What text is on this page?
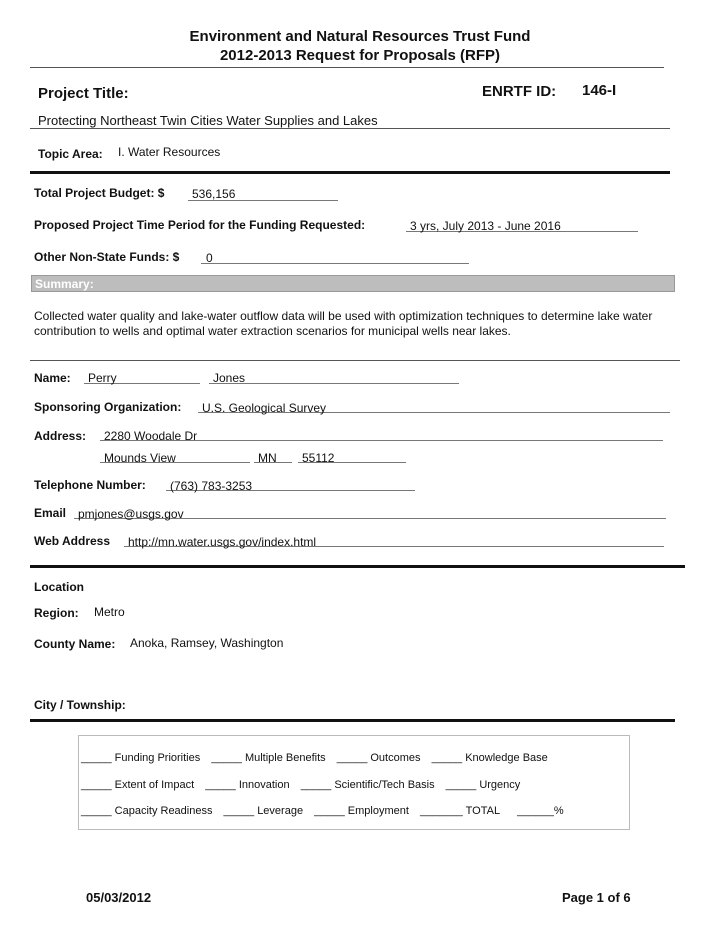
Environment and Natural Resources Trust Fund
2012-2013 Request for Proposals (RFP)
Project Title:	ENRTF ID: 146-I
Protecting Northeast Twin Cities Water Supplies and Lakes
Topic Area: I. Water Resources
Total Project Budget: $ 536,156
Proposed Project Time Period for the Funding Requested:	3 yrs, July 2013 - June 2016
Other Non-State Funds: $ 0
Summary:
Collected water quality and lake-water outflow data will be used with optimization techniques to determine lake water contribution to wells and optimal water extraction scenarios for municipal wells near lakes.
Name: Perry	Jones
Sponsoring Organization: U.S. Geological Survey
Address: 2280 Woodale Dr
Mounds View	MN 55112
Telephone Number: (763) 783-3253
Email pmjones@usgs.gov
Web Address http://mn.water.usgs.gov/index.html
Location
Region: Metro
County Name: Anoka, Ramsey, Washington
City / Township:
_____ Funding Priorities _____ Multiple Benefits _____ Outcomes _____ Knowledge Base
_____ Extent of Impact _____ Innovation _____ Scientific/Tech Basis _____ Urgency
_____ Capacity Readiness _____ Leverage _____ Employment _______ TOTAL ______%
05/03/2012	Page 1 of 6
